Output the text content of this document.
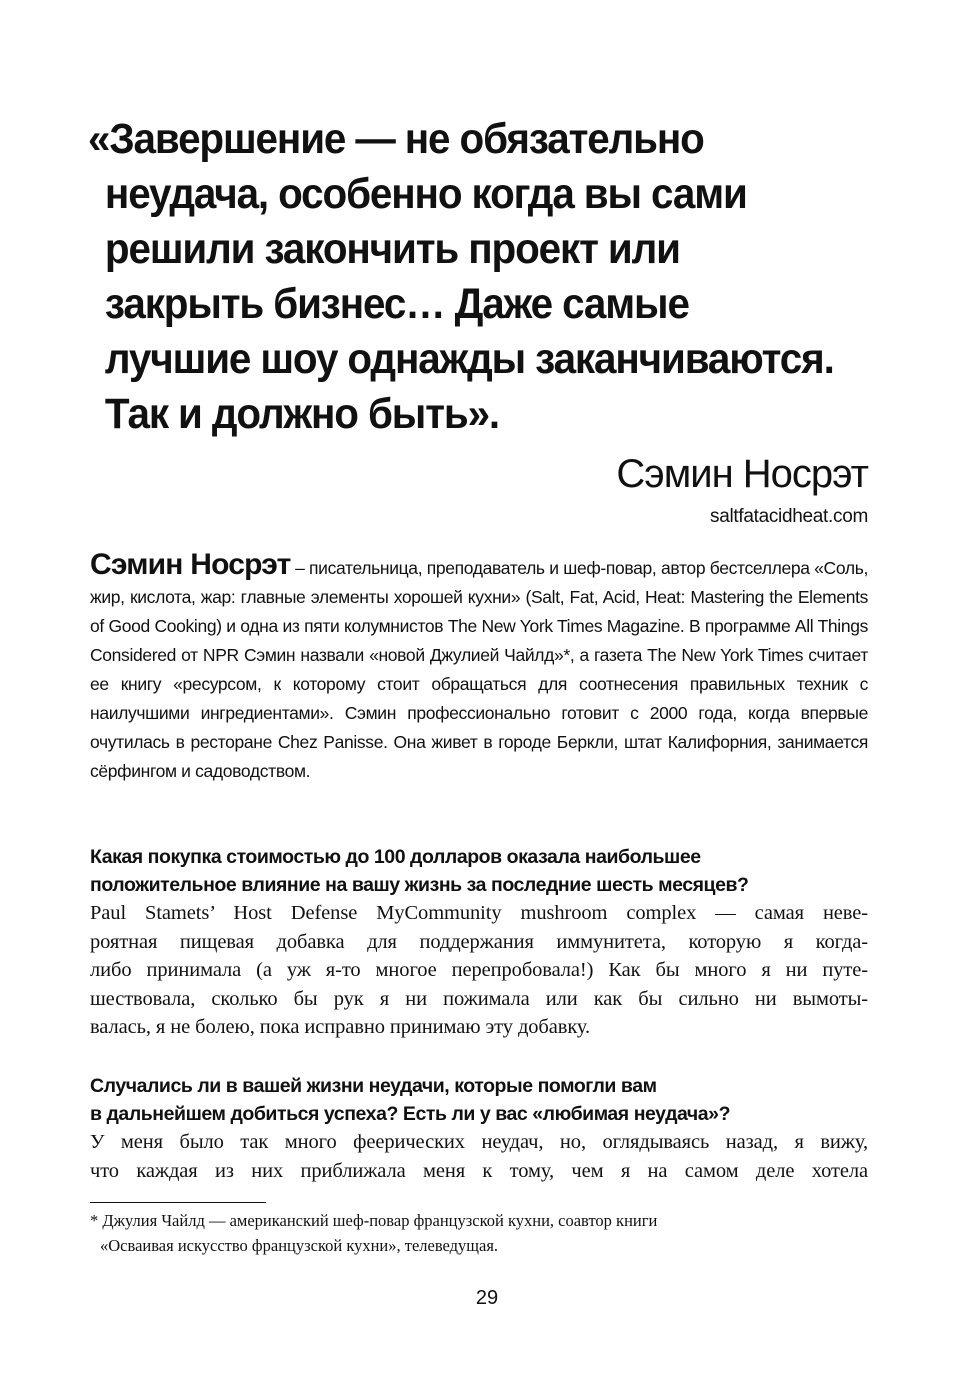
«Завершение — не обязательно
неудача, особенно когда вы сами
решили закончить проект или
закрыть бизнес… Даже самые
лучшие шоу однажды заканчиваются.
Так и должно быть».
Сэмин Носрэт
saltfatacidheat.com

Сэмин Носрэт – писательница, преподаватель и шеф-повар, автор бестселлера «Соль, жир, кислота, жар: главные элементы хорошей кухни» (Salt, Fat, Acid, Heat: Mastering the Elements of Good Cooking) и одна из пяти колумнистов The New York Times Magazine. В программе All Things Considered от NPR Сэмин назвали «новой Джулией Чайлд»*, а газета The New York Times считает ее книгу «ресурсом, к которому стоит обращаться для соотнесения правильных техник с наилучшими ингредиентами». Сэмин профессионально готовит с 2000 года, когда впервые очутилась в ресторане Chez Panisse. Она живет в городе Беркли, штат Калифорния, занимается сёрфингом и садоводством.

Какая покупка стоимостью до 100 долларов оказала наибольшее
положительное влияние на вашу жизнь за последние шесть месяцев?

Paul Stamets’ Host Defense MyCommunity mushroom complex — самая неве-
роятная пищевая добавка для поддержания иммунитета, которую я когда-
либо принимала (а уж я-то многое перепробовала!) Как бы много я ни путе-
шествовала, сколько бы рук я ни пожимала или как бы сильно ни вымоты-
валась, я не болею, пока исправно принимаю эту добавку.

Случались ли в вашей жизни неудачи, которые помогли вам
в дальнейшем добиться успеха? Есть ли у вас «любимая неудача»?

У меня было так много феерических неудач, но, оглядываясь назад, я вижу,
что каждая из них приближала меня к тому, чем я на самом деле хотела

* Джулия Чайлд — американский шеф-повар французской кухни, соавтор книги
«Осваивая искусство французской кухни», телеведущая.

29
